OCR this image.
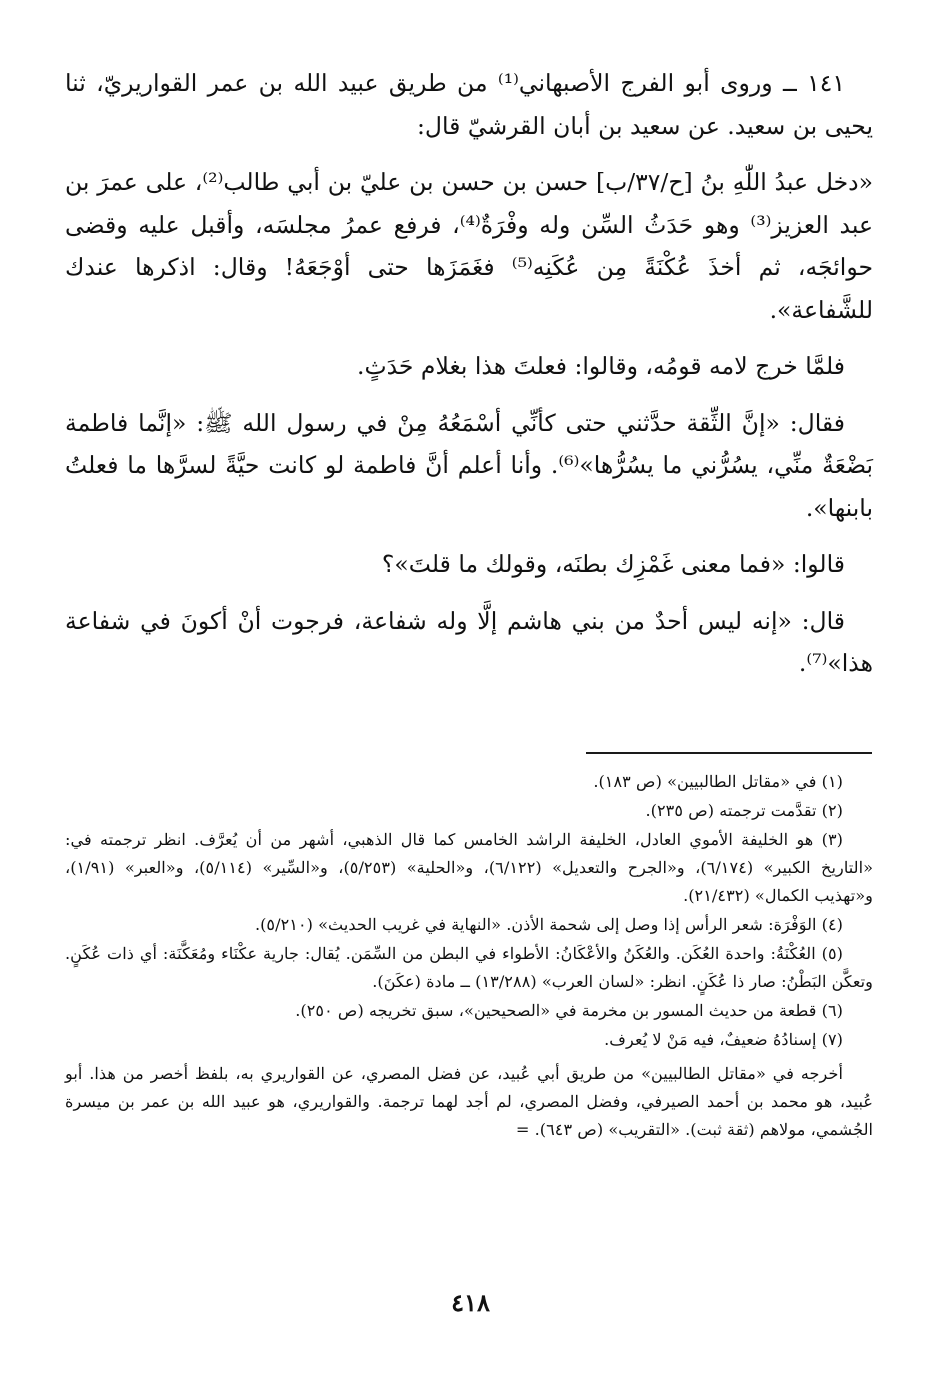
١٤١ ــ وروى أبو الفرج الأصبهاني⁽¹⁾ من طريق عبيد الله بن عمر القواريريّ، ثنا يحيى بن سعيد. عن سعيد بن أبان القرشيّ قال:

«دخل عبدُ اللّٰهِ بنُ [ح/٣٧/ب] حسن بن حسن بن عليّ بن أبي طالب⁽²⁾، على عمرَ بن عبد العزيز⁽³⁾ وهو حَدَثُ السِّن وله وفْرَةٌ⁽⁴⁾، فرفع عمرُ مجلسَه، وأقبل عليه وقضى حوائجَه، ثم أخذَ عُكْنَةً مِن عُكَنِه⁽⁵⁾ فغَمَزَها حتى أوْجَعَهُ! وقال: اذكرها عندك للشَّفاعة».

فلمَّا خرج لامه قومُه، وقالوا: فعلتَ هذا بغلام حَدَثٍ.

فقال: «إنَّ الثِّقة حدَّثني حتى كأنِّي أسْمَعُهُ مِنْ في رسول الله ﷺ: «إنَّما فاطمة بَضْعَةٌ منِّي، يسُرُّني ما يسُرُّها»⁽⁶⁾. وأنا أعلم أنَّ فاطمة لو كانت حيَّةً لسرَّها ما فعلتُ بابنها».

قالوا: «فما معنى غَمْزِك بطنَه، وقولك ما قلتَ»؟

قال: «إنه ليس أحدٌ من بني هاشم إلَّا وله شفاعة، فرجوت أنْ أكونَ في شفاعة هذا»⁽⁷⁾.

(١) في «مقاتل الطالبيين» (ص ١٨٣).

(٢) تقدَّمت ترجمته (ص ٢٣٥).

(٣) هو الخليفة الأموي العادل، الخليفة الراشد الخامس كما قال الذهبي، أشهر من أن يُعرَّف. انظر ترجمته في: «التاريخ الكبير» (٦/١٧٤)، و«الجرح والتعديل» (٦/١٢٢)، و«الحلية» (٥/٢٥٣)، و«السِّير» (٥/١١٤)، و«العبر» (١/٩١)، و«تهذيب الكمال» (٢١/٤٣٢).

(٤) الوَفْرَة: شعر الرأس إذا وصل إلى شحمة الأذن. «النهاية في غريب الحديث» (٥/٢١٠).

(٥) العُكْنَةُ: واحدة العُكَن. والعُكَنُ والأعْكَانُ: الأطواء في البطن من السِّمَن. يُقال: جارية عكْنَاء ومُعَكَّنَة: أي ذات عُكَنٍ. وتعكَّن البَطْنُ: صار ذا عُكَنٍ. انظر: «لسان العرب» (١٣/٢٨٨) ــ مادة (عكَنَ).

(٦) قطعة من حديث المسور بن مخرمة في «الصحيحين»، سبق تخريجه (ص ٢٥٠).

(٧) إسنادُهُ ضعيفٌ، فيه مَنْ لا يُعرف.

أخرجه في «مقاتل الطالبيين» من طريق أبي عُبيد، عن فضل المصري، عن القواريري به، بلفظ أخصر من هذا. أبو عُبيد، هو محمد بن أحمد الصيرفي، وفضل المصري، لم أجد لهما ترجمة. والقواريري، هو عبيد الله بن عمر بن ميسرة الجُشمي، مولاهم (ثقة ثبت). «التقريب» (ص ٦٤٣). =

٤١٨
